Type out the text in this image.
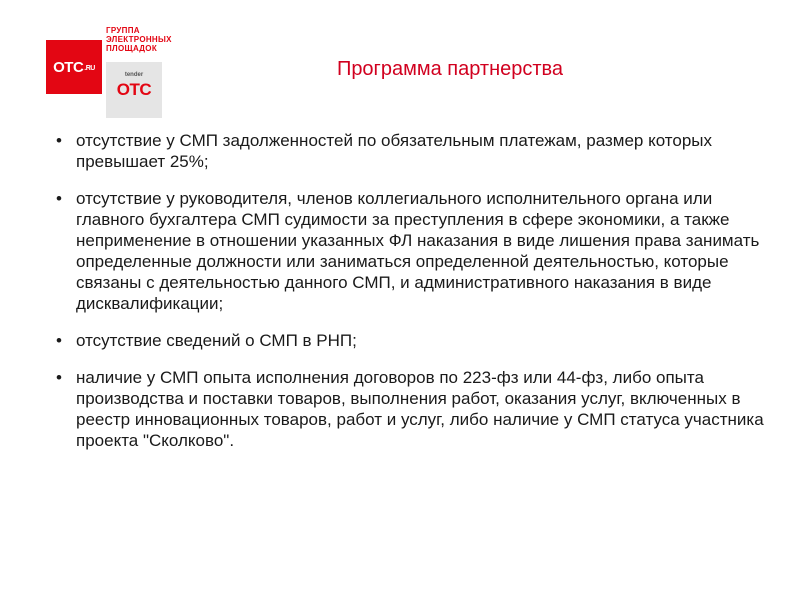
OTC .RU
ГРУППА
ЭЛЕКТРОННЫХ
ПЛОЩАДОК
tender
OTC
Программа партнерства
• отсутствие у СМП задолженностей по обязательным платежам, размер которых превышает 25%;
• отсутствие у руководителя, членов коллегиального исполнительного органа или главного бухгалтера СМП судимости за преступления в сфере экономики, а также неприменение в отношении указанных ФЛ наказания в виде лишения права занимать определенные должности или заниматься определенной деятельностью, которые связаны с деятельностью данного СМП, и административного наказания в виде дисквалификации;
• отсутствие сведений о СМП в РНП;
• наличие у СМП опыта исполнения договоров по 223-фз или 44-фз, либо опыта производства и поставки товаров, выполнения работ, оказания услуг, включенных в реестр инновационных товаров, работ и услуг, либо наличие у СМП статуса участника проекта "Сколково".
